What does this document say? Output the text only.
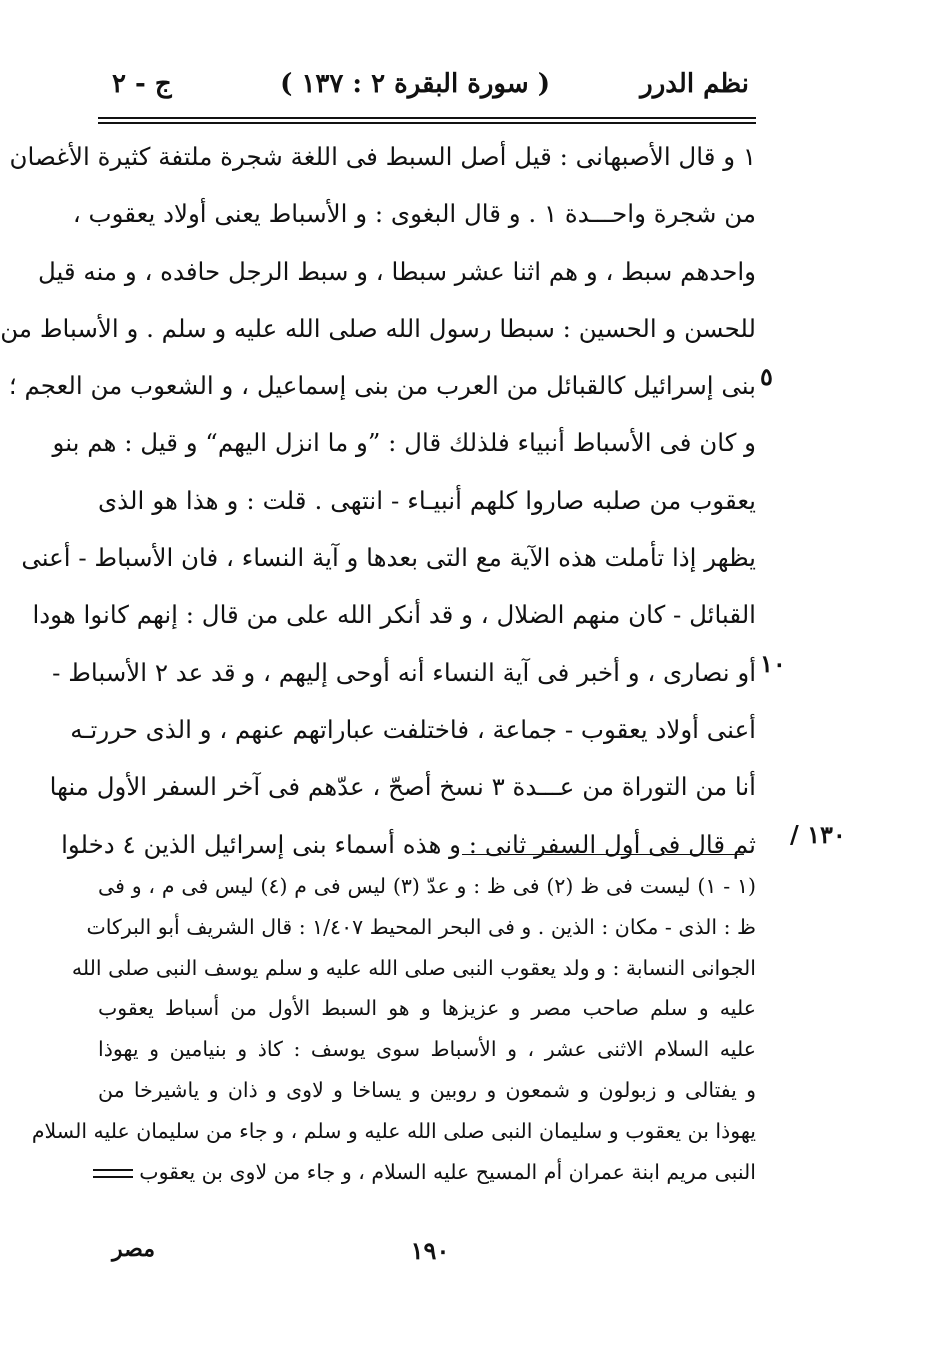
نظم الدرر
( سورة البقرة ٢ : ١٣٧ )
ج - ٢
١ و قال الأصبهانى : قيل أصل السبط فى اللغة شجرة ملتفة كثيرة الأغصان
من شجرة واحـــدة ١ . و قال البغوى : و الأسباط يعنى أولاد يعقوب ،
واحدهم سبط ، و هم اثنا عشر سبطا ، و سبط الرجل حافده ، و منه قيل
للحسن و الحسين : سبطا رسول الله صلى الله عليه و سلم . و الأسباط من
بنى إسرائيل كالقبائل من العرب من بنى إسماعيل ، و الشعوب من العجم ؛
و كان فى الأسباط أنبياء فلذلك قال : ”و ما انزل اليهم“ و قيل : هم بنو
يعقوب من صلبه صاروا كلهم أنبيـاء - انتهى . قلت : و هذا هو الذى
يظهر إذا تأملت هذه الآية مع التى بعدها و آية النساء ، فان الأسباط - أعنى
القبائل - كان منهم الضلال ، و قد أنكر الله على من قال : إنهم كانوا هودا
أو نصارى ، و أخبر فى آية النساء أنه أوحى إليهم ، و قد عد ٢ الأسباط -
أعنى أولاد يعقوب - جماعة ، فاختلفت عباراتهم عنهم ، و الذى حررتـه
أنا من التوراة من عـــدة ٣ نسخ أصحّ ، عدّهم فى آخر السفر الأول منها
ثم قال فى أول السفر ثانى : و هذه أسماء بنى إسرائيل الذين ٤ دخلوا
٥
١٠
١٣٠ /
(١ - ١) ليست فى ظ (٢) فى ظ : و عدّ (٣) ليس فى م (٤) ليس فى م ، و فى
ظ : الذى - مكان : الذين . و فى البحر المحيط ١/٤٠٧ : قال الشريف أبو البركات
الجوانى النسابة : و ولد يعقوب النبى صلى الله عليه و سلم يوسف النبى صلى الله
عليه و سلم صاحب مصر و عزيزها و هو السبط الأول من أسباط يعقوب
عليه السلام الاثنى عشر ، و الأسباط سوى يوسف : كاذ و بنيامين و يهوذا
و يفتالى و زبولون و شمعون و روبين و يساخا و لاوى و ذان و ياشيرخا من
يهوذا بن يعقوب و سليمان النبى صلى الله عليه و سلم ، و جاء من سليمان عليه السلام
النبى مريم ابنة عمران أم المسيح عليه السلام ، و جاء من لاوى بن يعقوب
١٩٠
مصر
